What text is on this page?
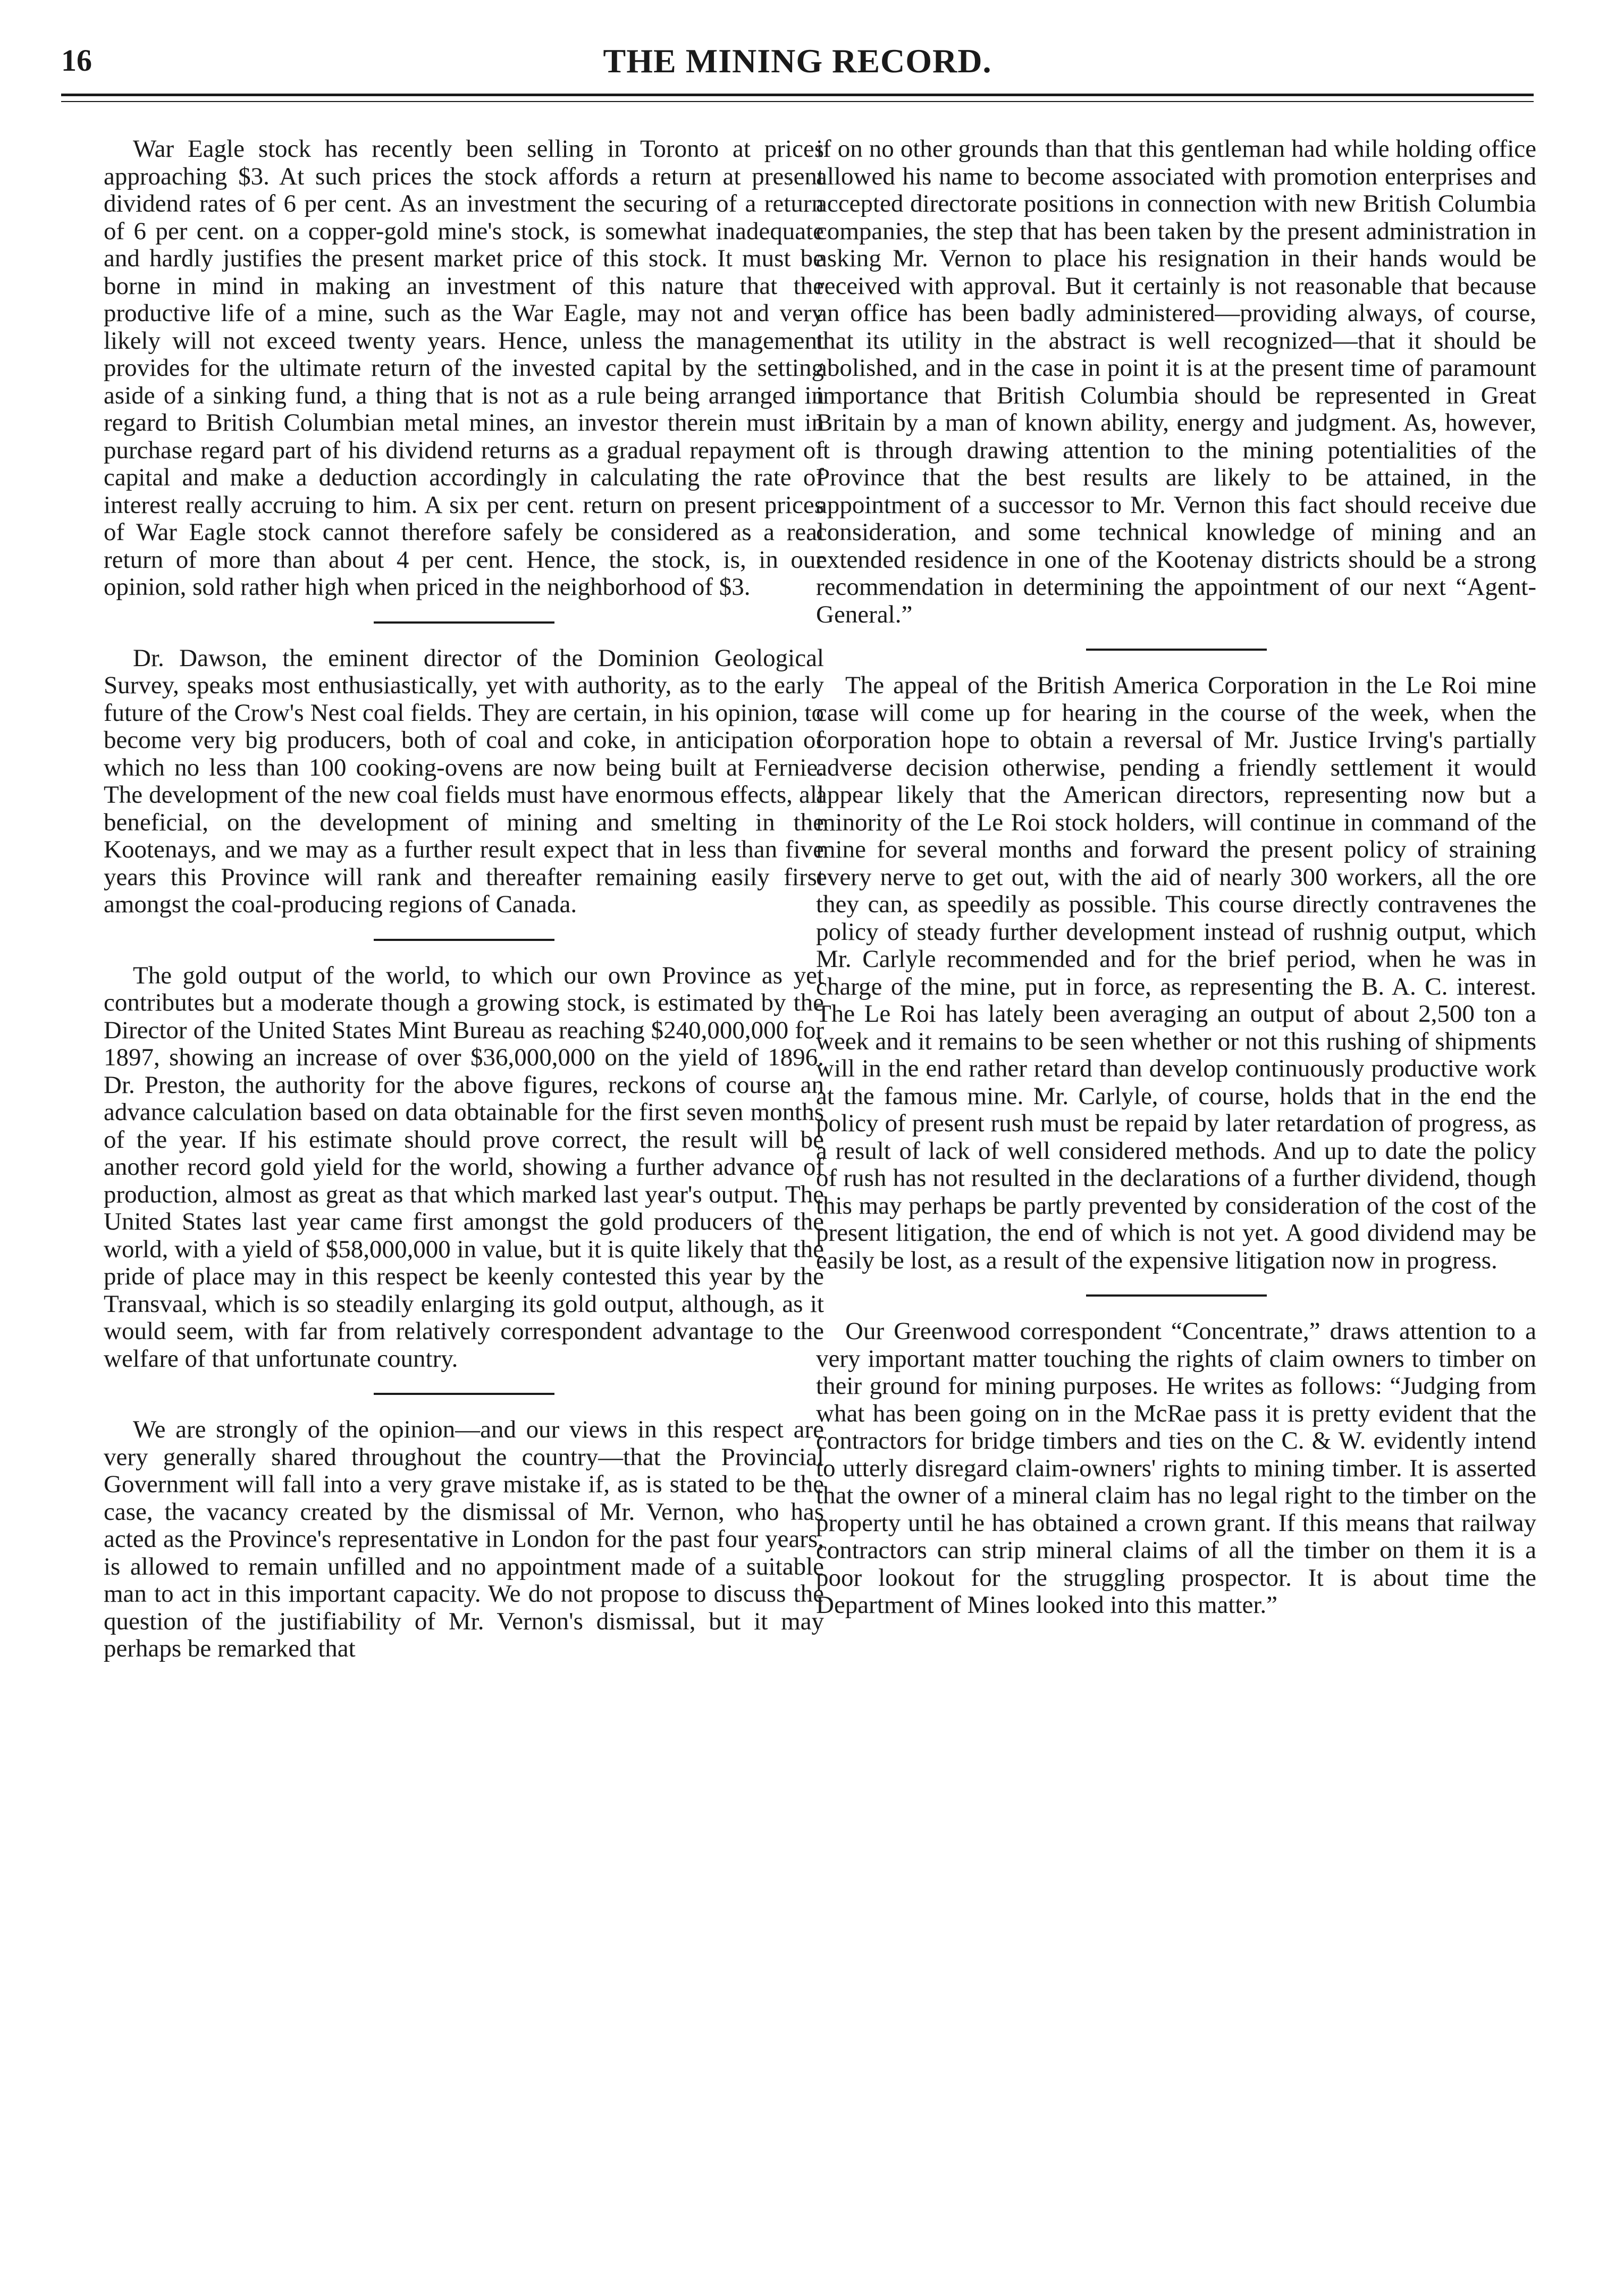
16	THE MINING RECORD.

War Eagle stock has recently been selling in Toronto at prices approaching $3. At such prices the stock affords a return at present dividend rates of 6 per cent. As an investment the securing of a return of 6 per cent. on a copper-gold mine's stock, is somewhat inadequate and hardly justifies the present market price of this stock. It must be borne in mind in making an investment of this nature that the productive life of a mine, such as the War Eagle, may not and very likely will not exceed twenty years. Hence, unless the management provides for the ultimate return of the invested capital by the setting aside of a sinking fund, a thing that is not as a rule being arranged in regard to British Columbian metal mines, an investor therein must in purchase regard part of his dividend returns as a gradual repayment of capital and make a deduction accordingly in calculating the rate of interest really accruing to him. A six per cent. return on present prices of War Eagle stock cannot therefore safely be considered as a real return of more than about 4 per cent. Hence, the stock, is, in our opinion, sold rather high when priced in the neighborhood of $3.

Dr. Dawson, the eminent director of the Dominion Geological Survey, speaks most enthusiastically, yet with authority, as to the early future of the Crow's Nest coal fields. They are certain, in his opinion, to become very big producers, both of coal and coke, in anticipation of which no less than 100 cooking-ovens are now being built at Fernie. The development of the new coal fields must have enormous effects, all beneficial, on the development of mining and smelting in the Kootenays, and we may as a further result expect that in less than five years this Province will rank and thereafter remaining easily first amongst the coal-producing regions of Canada.

The gold output of the world, to which our own Province as yet contributes but a moderate though a growing stock, is estimated by the Director of the United States Mint Bureau as reaching $240,000,000 for 1897, showing an increase of over $36,000,000 on the yield of 1896. Dr. Preston, the authority for the above figures, reckons of course an advance calculation based on data obtainable for the first seven months of the year. If his estimate should prove correct, the result will be another record gold yield for the world, showing a further advance of production, almost as great as that which marked last year's output. The United States last year came first amongst the gold producers of the world, with a yield of $58,000,000 in value, but it is quite likely that the pride of place may in this respect be keenly contested this year by the Transvaal, which is so steadily enlarging its gold output, although, as it would seem, with far from relatively correspondent advantage to the welfare of that unfortunate country.

We are strongly of the opinion—and our views in this respect are very generally shared throughout the country—that the Provincial Government will fall into a very grave mistake if, as is stated to be the case, the vacancy created by the dismissal of Mr. Vernon, who has acted as the Province's representative in London for the past four years, is allowed to remain unfilled and no appointment made of a suitable man to act in this important capacity. We do not propose to discuss the question of the justifiability of Mr. Vernon's dismissal, but it may perhaps be remarked that

if on no other grounds than that this gentleman had while holding office allowed his name to become associated with promotion enterprises and accepted directorate positions in connection with new British Columbia companies, the step that has been taken by the present administration in asking Mr. Vernon to place his resignation in their hands would be received with approval. But it certainly is not reasonable that because an office has been badly administered—providing always, of course, that its utility in the abstract is well recognized—that it should be abolished, and in the case in point it is at the present time of paramount importance that British Columbia should be represented in Great Britain by a man of known ability, energy and judgment. As, however, it is through drawing attention to the mining potentialities of the Province that the best results are likely to be attained, in the appointment of a successor to Mr. Vernon this fact should receive due consideration, and some technical knowledge of mining and an extended residence in one of the Kootenay districts should be a strong recommendation in determining the appointment of our next “Agent-General.”

The appeal of the British America Corporation in the Le Roi mine case will come up for hearing in the course of the week, when the corporation hope to obtain a reversal of Mr. Justice Irving's partially adverse decision otherwise, pending a friendly settlement it would appear likely that the American directors, representing now but a minority of the Le Roi stock holders, will continue in command of the mine for several months and forward the present policy of straining every nerve to get out, with the aid of nearly 300 workers, all the ore they can, as speedily as possible. This course directly contravenes the policy of steady further development instead of rushnig output, which Mr. Carlyle recommended and for the brief period, when he was in charge of the mine, put in force, as representing the B. A. C. interest. The Le Roi has lately been averaging an output of about 2,500 ton a week and it remains to be seen whether or not this rushing of shipments will in the end rather retard than develop continuously productive work at the famous mine. Mr. Carlyle, of course, holds that in the end the policy of present rush must be repaid by later retardation of progress, as a result of lack of well considered methods. And up to date the policy of rush has not resulted in the declarations of a further dividend, though this may perhaps be partly prevented by consideration of the cost of the present litigation, the end of which is not yet. A good dividend may be easily be lost, as a result of the expensive litigation now in progress.

Our Greenwood correspondent “Concentrate,” draws attention to a very important matter touching the rights of claim owners to timber on their ground for mining purposes. He writes as follows: “Judging from what has been going on in the McRae pass it is pretty evident that the contractors for bridge timbers and ties on the C. & W. evidently intend to utterly disregard claim-owners' rights to mining timber. It is asserted that the owner of a mineral claim has no legal right to the timber on the property until he has obtained a crown grant. If this means that railway contractors can strip mineral claims of all the timber on them it is a poor lookout for the struggling prospector. It is about time the Department of Mines looked into this matter.”
